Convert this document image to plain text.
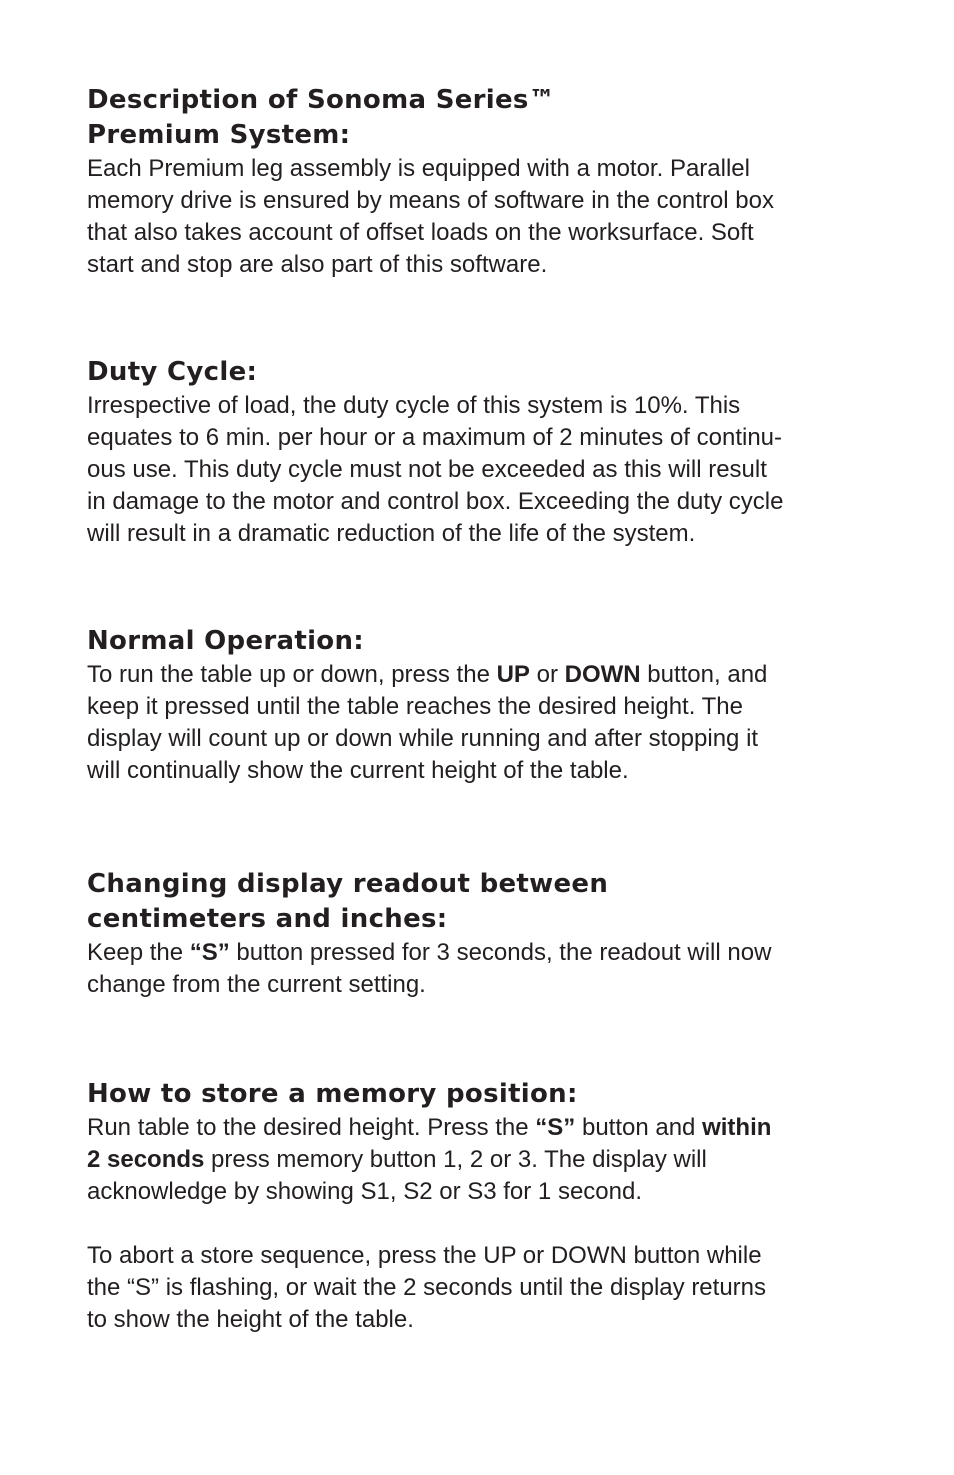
Description of Sonoma Series™
Premium System:

Each Premium leg assembly is equipped with a motor. Parallel
memory drive is ensured by means of software in the control box
that also takes account of offset loads on the worksurface. Soft
start and stop are also part of this software.

Duty Cycle:

Irrespective of load, the duty cycle of this system is 10%. This
equates to 6 min. per hour or a maximum of 2 minutes of continu-
ous use. This duty cycle must not be exceeded as this will result
in damage to the motor and control box. Exceeding the duty cycle
will result in a dramatic reduction of the life of the system.

Normal Operation:

To run the table up or down, press the UP or DOWN button, and
keep it pressed until the table reaches the desired height. The
display will count up or down while running and after stopping it
will continually show the current height of the table.

Changing display readout between
centimeters and inches:

Keep the “S” button pressed for 3 seconds, the readout will now
change from the current setting.

How to store a memory position:

Run table to the desired height. Press the “S” button and within
2 seconds press memory button 1, 2 or 3. The display will
acknowledge by showing S1, S2 or S3 for 1 second.

To abort a store sequence, press the UP or DOWN button while
the “S” is flashing, or wait the 2 seconds until the display returns
to show the height of the table.
